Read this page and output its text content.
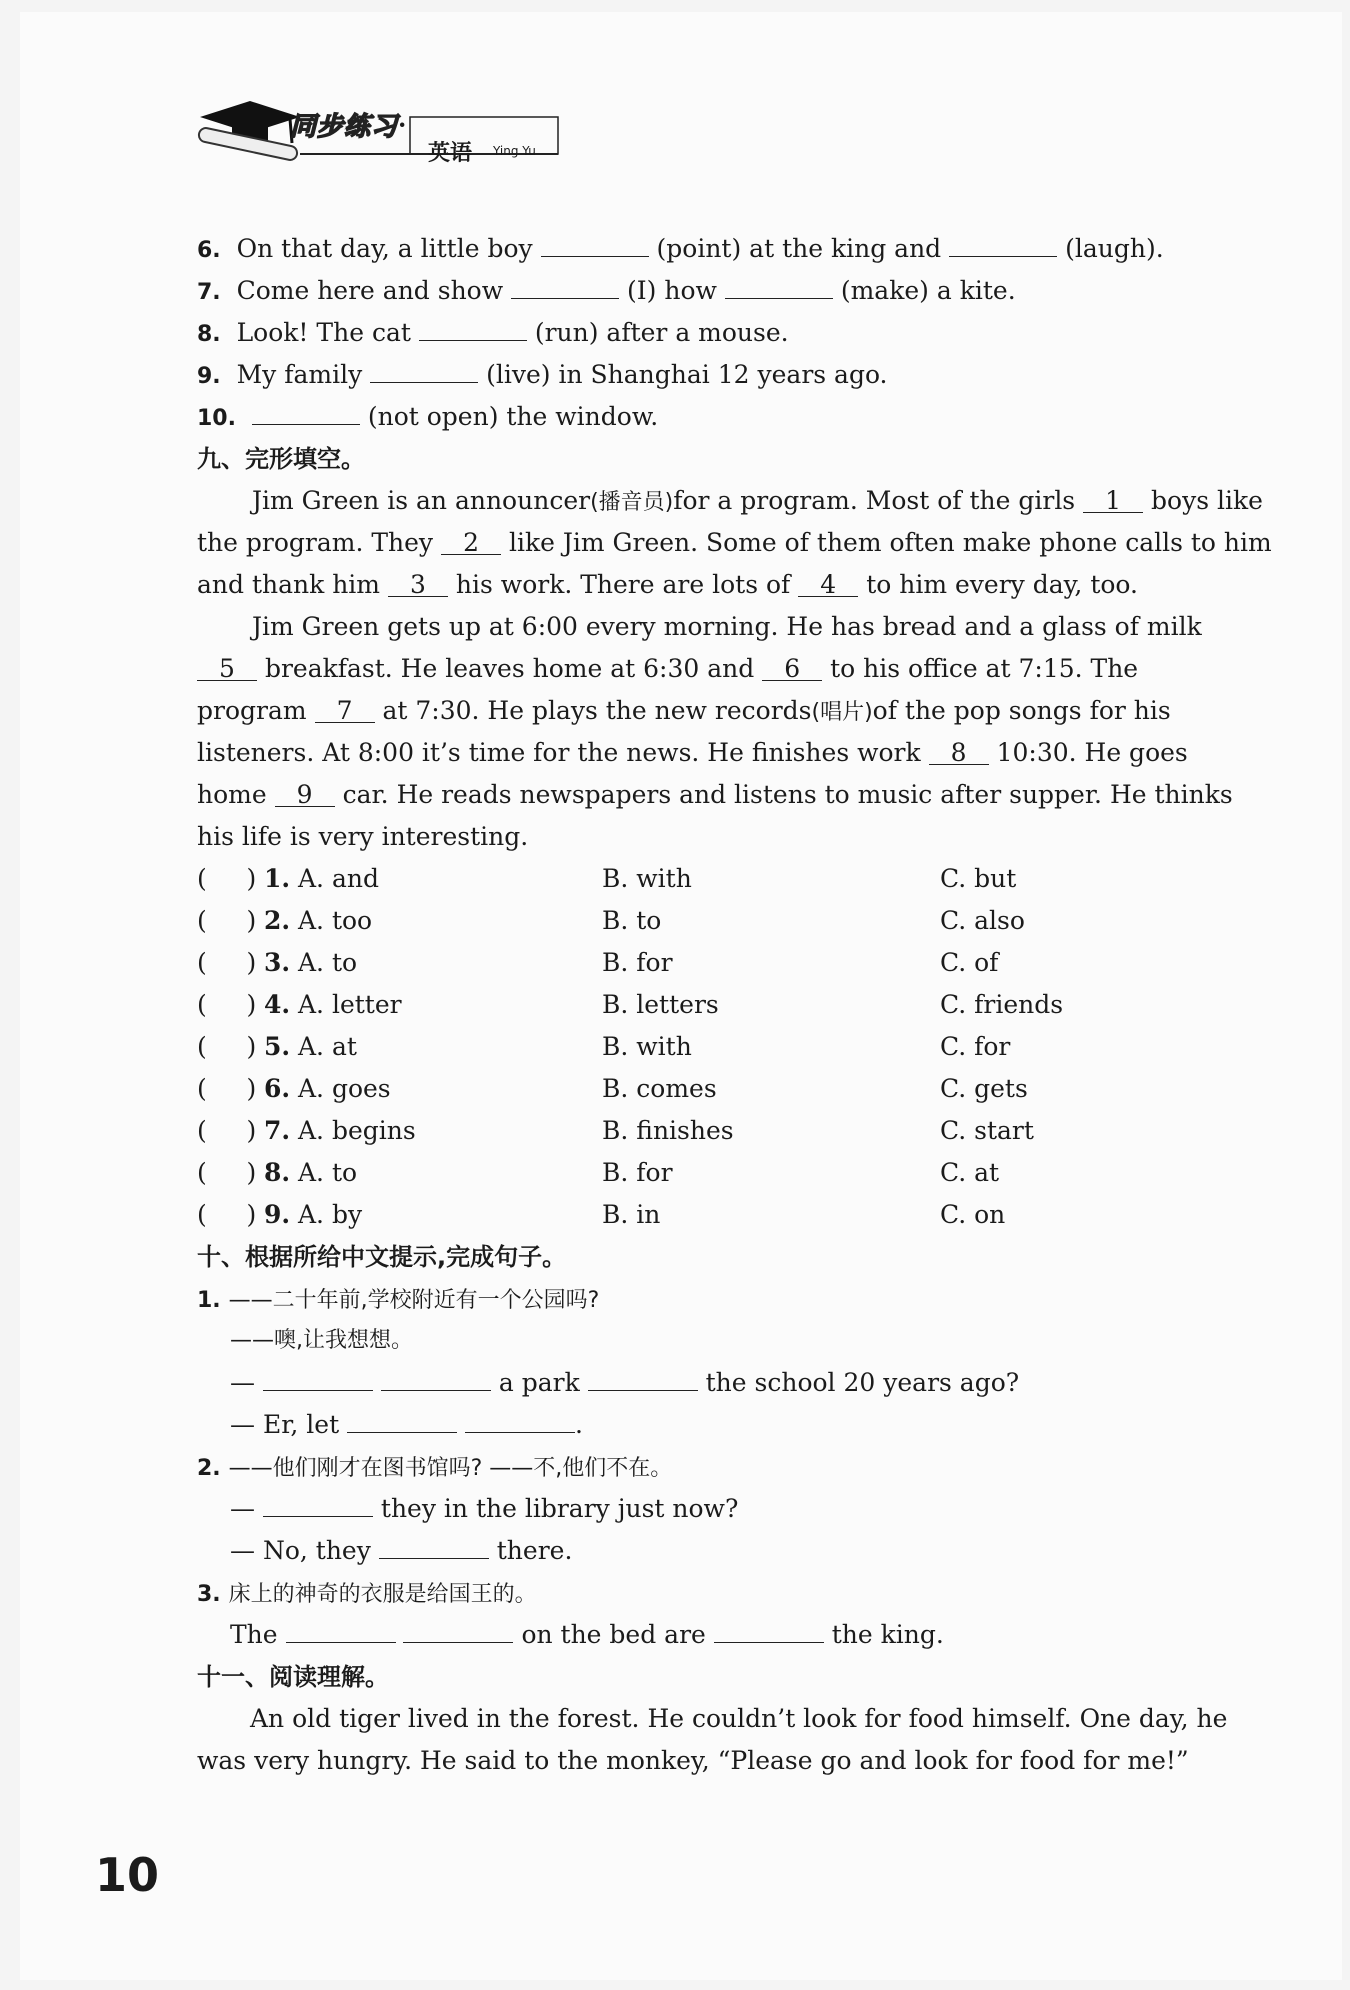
同步练习 ·
英语 Ying Yu
6. On that day, a little boy	(point) at the king and	(laugh).
7. Come here and show	(I) how	(make) a kite.
8. Look! The cat	(run) after a mouse.
9. My family	(live) in Shanghai 12 years ago.
10.	(not open) the window.
九、完形填空。
Jim Green is an announcer(播音员)for a program. Most of the girls 1 boys like
the program. They 2 like Jim Green. Some of them often make phone calls to him
and thank him 3 his work. There are lots of 4 to him every day, too.
Jim Green gets up at 6:00 every morning. He has bread and a glass of milk
5 breakfast. He leaves home at 6:30 and 6 to his office at 7:15. The
program 7 at 7:30. He plays the new records(唱片)of the pop songs for his
listeners. At 8:00 it’s time for the news. He finishes work 8 10:30. He goes
home 9 car. He reads newspapers and listens to music after supper. He thinks
his life is very interesting.
(     ) 1. A. and	B. with	C. but
(     ) 2. A. too	B. to	C. also
(     ) 3. A. to	B. for	C. of
(     ) 4. A. letter	B. letters	C. friends
(     ) 5. A. at	B. with	C. for
(     ) 6. A. goes	B. comes	C. gets
(     ) 7. A. begins	B. finishes	C. start
(     ) 8. A. to	B. for	C. at
(     ) 9. A. by	B. in	C. on
十、根据所给中文提示,完成句子。
1. ——二十年前,学校附近有一个公园吗?
——噢,让我想想。
—	a park	the school 20 years ago?
— Er, let	.
2. ——他们刚才在图书馆吗? ——不,他们不在。
—	they in the library just now?
— No, they	there.
3. 床上的神奇的衣服是给国王的。
The	on the bed are	the king.
十一、阅读理解。
An old tiger lived in the forest. He couldn’t look for food himself. One day, he
was very hungry. He said to the monkey, “Please go and look for food for me!”
10
